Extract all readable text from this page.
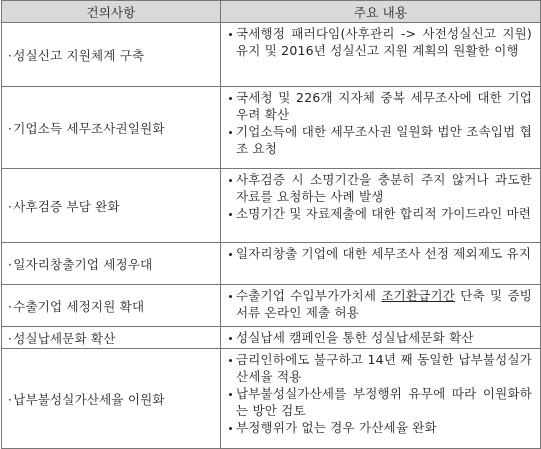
건의사항	주요 내용
· 성실신고 지원체계 구축	국세행정 패러다임(사후관리 -> 사전성실신고 지원) 유지 및 2016년 성실신고 지원 계획의 원활한 이행

· 기업소득 세무조사권일원화	국세청 및 226개 지자체 중복 세무조사에 대한 기업 우려 확산
기업소득에 대한 세무조사권 일원화 법안 조속입법 협조 요청

· 사후검증 부담 완화	사후검증 시 소명기간을 충분히 주지 않거나 과도한 자료를 요청하는 사례 발생
소명기간 및 자료제출에 대한 합리적 가이드라인 마련

· 일자리창출기업 세정우대	일자리창출 기업에 대한 세무조사 선정 제외제도 유지

· 수출기업 세정지원 확대	수출기업 수입부가가치세 조기환급기간 단축 및 증빙서류 온라인 제출 허용

· 성실납세문화 확산	성실납세 캠페인을 통한 성실납세문화 확산

· 납부불성실가산세율 이원화	금리인하에도 불구하고 14년 째 동일한 납부불성실가산세율 적용
납부불성실가산세를 부정행위 유무에 따라 이원화하는 방안 검토
부정행위가 없는 경우 가산세율 완화
